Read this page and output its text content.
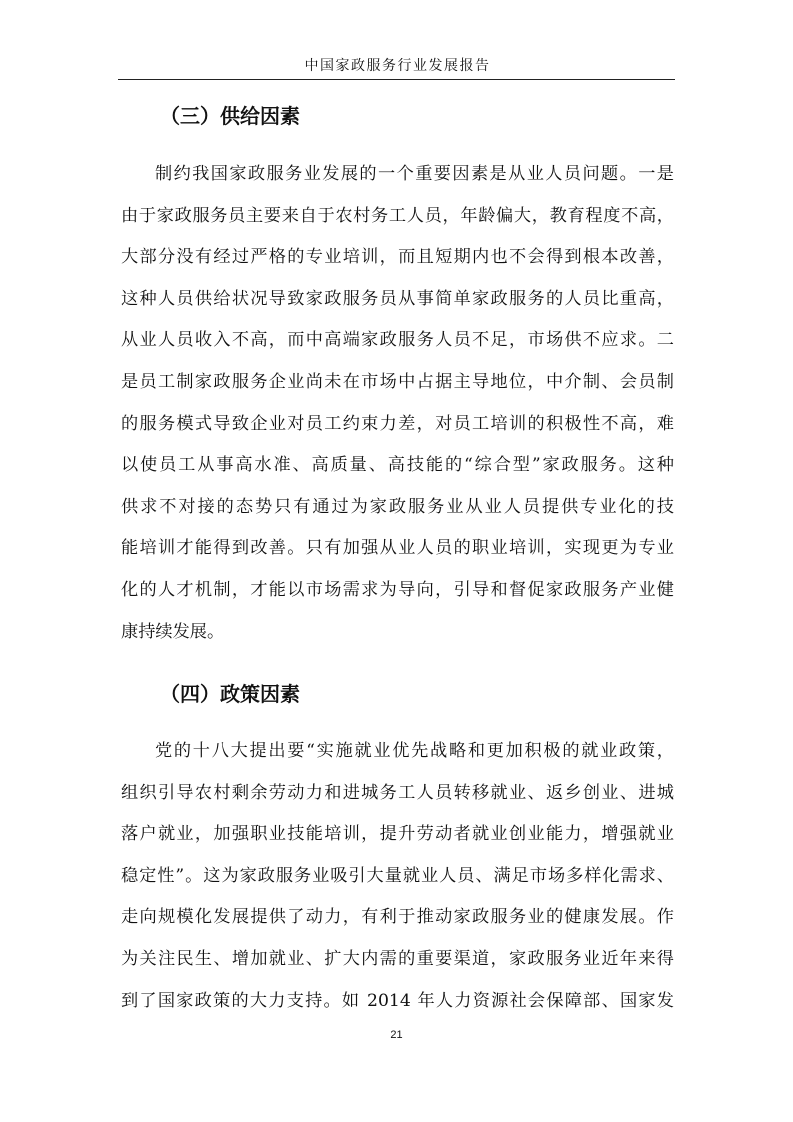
中国家政服务行业发展报告
（三）供给因素
制约我国家政服务业发展的一个重要因素是从业人员问题。一是
由于家政服务员主要来自于农村务工人员，年龄偏大，教育程度不高，
大部分没有经过严格的专业培训，而且短期内也不会得到根本改善，
这种人员供给状况导致家政服务员从事简单家政服务的人员比重高，
从业人员收入不高，而中高端家政服务人员不足，市场供不应求。二
是员工制家政服务企业尚未在市场中占据主导地位，中介制、会员制
的服务模式导致企业对员工约束力差，对员工培训的积极性不高，难
以使员工从事高水准、高质量、高技能的“综合型”家政服务。这种
供求不对接的态势只有通过为家政服务业从业人员提供专业化的技
能培训才能得到改善。只有加强从业人员的职业培训，实现更为专业
化的人才机制，才能以市场需求为导向，引导和督促家政服务产业健
康持续发展。
（四）政策因素
党的十八大提出要“实施就业优先战略和更加积极的就业政策，
组织引导农村剩余劳动力和进城务工人员转移就业、返乡创业、进城
落户就业，加强职业技能培训，提升劳动者就业创业能力，增强就业
稳定性”。这为家政服务业吸引大量就业人员、满足市场多样化需求、
走向规模化发展提供了动力，有利于推动家政服务业的健康发展。作
为关注民生、增加就业、扩大内需的重要渠道，家政服务业近年来得
到了国家政策的大力支持。如 2014 年人力资源社会保障部、国家发
21
